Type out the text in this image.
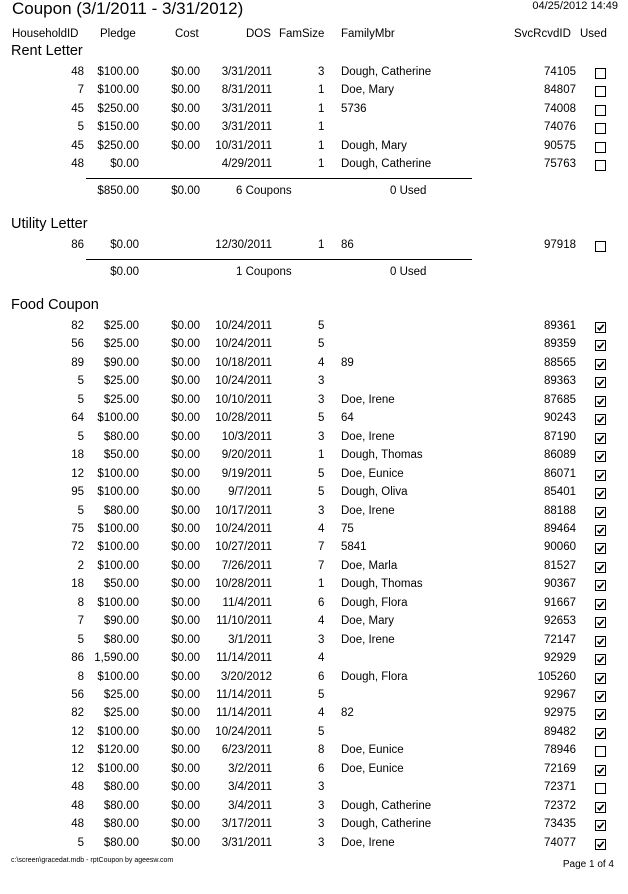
Coupon (3/1/2011 - 3/31/2012)	04/25/2012 14:49
HouseholdID Pledge	Cost	DOS FamSize FamilyMbr	SvcRcvdID Used
Rent Letter
48 $100.00	$0.00 3/31/2011	3 Dough, Catherine	74105
7 $100.00	$0.00 8/31/2011	1 Doe, Mary	84807
45 $250.00	$0.00 3/31/2011	1 5736	74008
5 $150.00	$0.00 3/31/2011	1	74076
45 $250.00	$0.00 10/31/2011	1 Dough, Mary	90575
48 $0.00	4/29/2011	1 Dough, Catherine	75763
$850.00	$0.00	6 Coupons	0 Used
Utility Letter
86 $0.00	12/30/2011	1 86	97918
$0.00	1 Coupons	0 Used
Food Coupon
82 $25.00	$0.00 10/24/2011	5	89361
56 $25.00	$0.00 10/24/2011	5	89359
89 $90.00	$0.00 10/18/2011	4 89	88565
5 $25.00	$0.00 10/24/2011	3	89363
5 $25.00	$0.00 10/10/2011	3 Doe, Irene	87685
64 $100.00	$0.00 10/28/2011	5 64	90243
5 $80.00	$0.00 10/3/2011	3 Doe, Irene	87190
18 $50.00	$0.00 9/20/2011	1 Dough, Thomas	86089
12 $100.00	$0.00 9/19/2011	5 Doe, Eunice	86071
95 $100.00	$0.00 9/7/2011	5 Dough, Oliva	85401
5 $80.00	$0.00 10/17/2011	3 Doe, Irene	88188
75 $100.00	$0.00 10/24/2011	4 75	89464
72 $100.00	$0.00 10/27/2011	7 5841	90060
2 $100.00	$0.00 7/26/2011	7 Doe, Marla	81527
18 $50.00	$0.00 10/28/2011	1 Dough, Thomas	90367
8 $100.00	$0.00 11/4/2011	6 Dough, Flora	91667
7 $90.00	$0.00 11/10/2011	4 Doe, Mary	92653
5 $80.00	$0.00 3/1/2011	3 Doe, Irene	72147
86 1,590.00	$0.00 11/14/2011	4	92929
8 $100.00	$0.00 3/20/2012	6 Dough, Flora	105260
56 $25.00	$0.00 11/14/2011	5	92967
82 $25.00	$0.00 11/14/2011	4 82	92975
12 $100.00	$0.00 10/24/2011	5	89482
12 $120.00	$0.00 6/23/2011	8 Doe, Eunice	78946
12 $100.00	$0.00 3/2/2011	6 Doe, Eunice	72169
48 $80.00	$0.00 3/4/2011	3	72371
48 $80.00	$0.00 3/4/2011	3 Dough, Catherine	72372
48 $80.00	$0.00 3/17/2011	3 Dough, Catherine	73435
5 $80.00	$0.00 3/31/2011	3 Doe, Irene	74077
c:\screen\gracedat.mdb - rptCoupon by ageesw.com	Page 1 of 4
